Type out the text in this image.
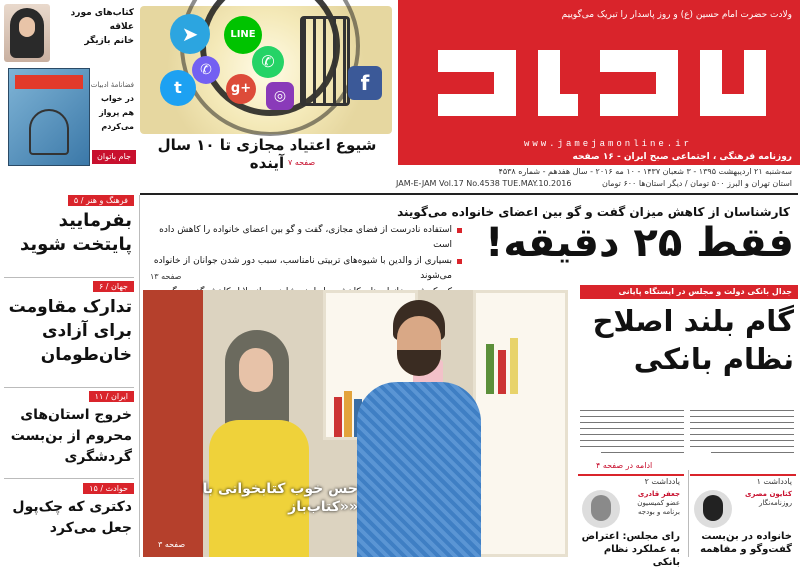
کتاب‌های مورد علاقه
خانم بازیگر
فضانامهٔ ادبیات
در خواب هم پرواز می‌کردم
جام باتوان
➤	LINE
✆
✆
t	g+	◎
f
شیوع اعتیاد مجازی تا ۱۰ سال آینده صفحه ۷
ولادت حضرت امام حسین (ع) و روز پاسدار را تبریک می‌گوییم
www.jamejamonline.ir
روزنامه فرهنگی ، اجتماعی صبح ایران - ۱۶ صفحه
سه‌شنبه ۲۱ اردیبهشت ۱۳۹۵ - ۳ شعبان ۱۴۳۷ - ۱۰ مه ۲۰۱۶ - سال هفدهم - شماره ۴۵۳۸
استان تهران و البرز ۵۰۰ تومان / دیگر استان‌ها ۶۰۰ تومان
JAM-E-JAM Vol.17 No.4538 TUE.MAY.10.2016
فرهنگ و هنر / ۵
بفرمایید پایتخت شوید
جهان / ۶
تدارک مقاومت برای آزادی خان‌طومان
ایران / ۱۱
خروج استان‌های محروم از بن‌بست گردشگری
حوادث / ۱۵
دکتری که چک‌پول جعل می‌کرد
کارشناسان از کاهش میزان گفت و گو بین اعضای خانواده می‌گویند
استفاده نادرست از فضای مجازی، گفت و گو بین اعضای خانواده را کاهش داده است
بسیاری از والدین با شیوه‌های تربیتی نامناسب، سبب دور شدن جوانان از خانواده می‌شوند
فقط ۲۵ دقیقه!
صفحه ۱۳
حس خوب کتابخوانی با «کتاب‌باز»
صفحه ۳
جدال بانکی دولت و مجلس در ایستگاه پایانی
گام بلند اصلاح نظام بانکی
ادامه در صفحه ۴
یادداشت ۱
کتایون مصری
روزنامه‌نگار
خانواده در بن‌بست گفت‌وگو و مفاهمه
یادداشت ۲
جعفر قادری
عضو کمیسیون برنامه و بودجه
رای مجلس: اعتراض به عملکرد نظام بانکی
